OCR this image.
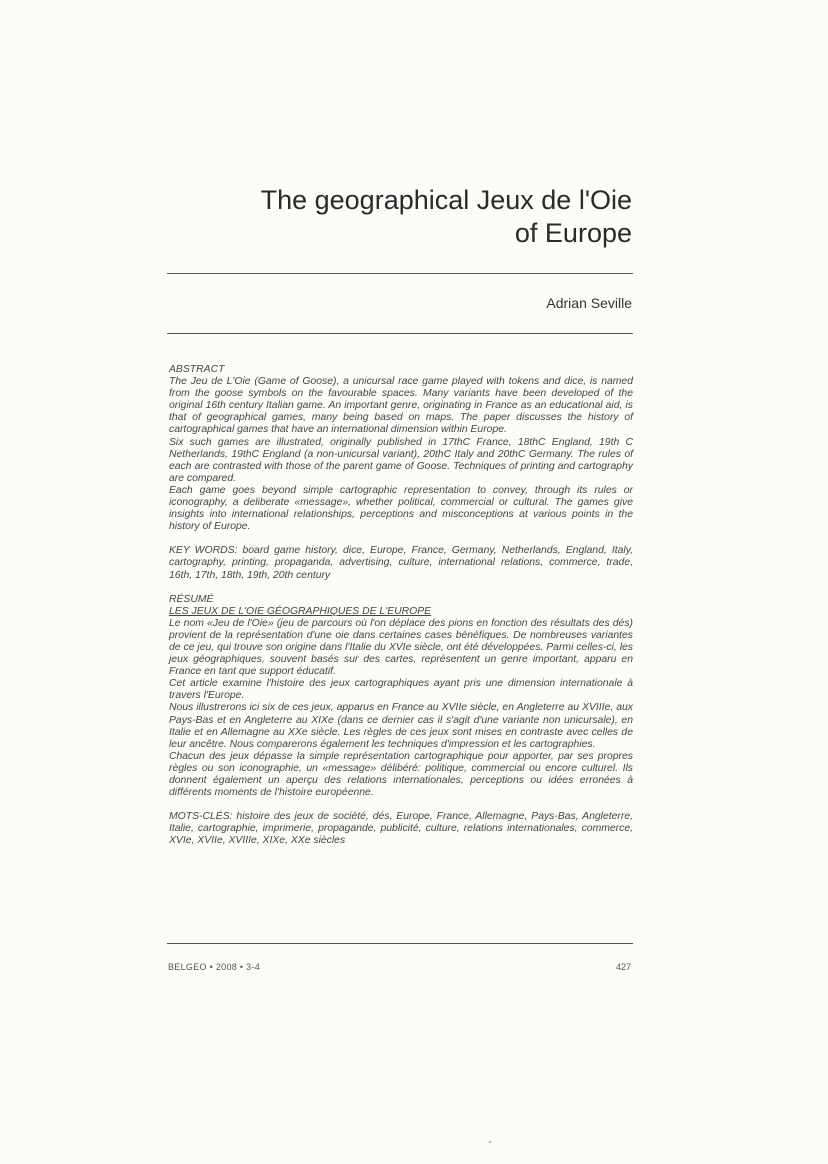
The geographical Jeux de l'Oie
of Europe
Adrian Seville

ABSTRACT

The Jeu de L'Oie (Game of Goose), a unicursal race game played with tokens and dice, is named from the goose symbols on the favourable spaces. Many variants have been developed of the original 16th century Italian game. An important genre, originating in France as an educational aid, is that of geographical games, many being based on maps. The paper discusses the history of cartographical games that have an international dimension within Europe.

Six such games are illustrated, originally published in 17thC France, 18thC England, 19th C Netherlands, 19thC England (a non-unicursal variant), 20thC Italy and 20thC Germany. The rules of each are contrasted with those of the parent game of Goose. Techniques of printing and cartography are compared.

Each game goes beyond simple cartographic representation to convey, through its rules or iconography, a deliberate «message», whether political, commercial or cultural. The games give insights into international relationships, perceptions and misconceptions at various points in the history of Europe.

KEY WORDS: board game history, dice, Europe, France, Germany, Netherlands, England, Italy, cartography, printing, propaganda, advertising, culture, international relations, commerce, trade, 16th, 17th, 18th, 19th, 20th century

RÉSUMÉ

LES JEUX DE L'OIE GÉOGRAPHIQUES DE L'EUROPE

Le nom «Jeu de l'Oie» (jeu de parcours où l'on déplace des pions en fonction des résultats des dés) provient de la représentation d'une oie dans certaines cases bénéfiques. De nombreuses variantes de ce jeu, qui trouve son origine dans l'Italie du XVIe siècle, ont été développées. Parmi celles-ci, les jeux géographiques, souvent basés sur des cartes, représentent un genre important, apparu en France en tant que support éducatif.

Cet article examine l'histoire des jeux cartographiques ayant pris une dimension internationale à travers l'Europe.

Nous illustrerons ici six de ces jeux, apparus en France au XVIIe siècle, en Angleterre au XVIIIe, aux Pays-Bas et en Angleterre au XIXe (dans ce dernier cas il s'agit d'une variante non unicursale), en Italie et en Allemagne au XXe siècle. Les règles de ces jeux sont mises en contraste avec celles de leur ancêtre. Nous comparerons également les techniques d'impression et les cartographies.

Chacun des jeux dépasse la simple représentation cartographique pour apporter, par ses propres règles ou son iconographie, un «message» délibéré: politique, commercial ou encore culturel. Ils donnent également un aperçu des relations internationales, perceptions ou idées erronées à différents moments de l'histoire européenne.

MOTS-CLÉS: histoire des jeux de société, dés, Europe, France, Allemagne, Pays-Bas, Angleterre, Italie, cartographie, imprimerie, propagande, publicité, culture, relations internationales, commerce, XVIe, XVIIe, XVIIIe, XIXe, XXe siècles

BELGEO • 2008 • 3-4	427
